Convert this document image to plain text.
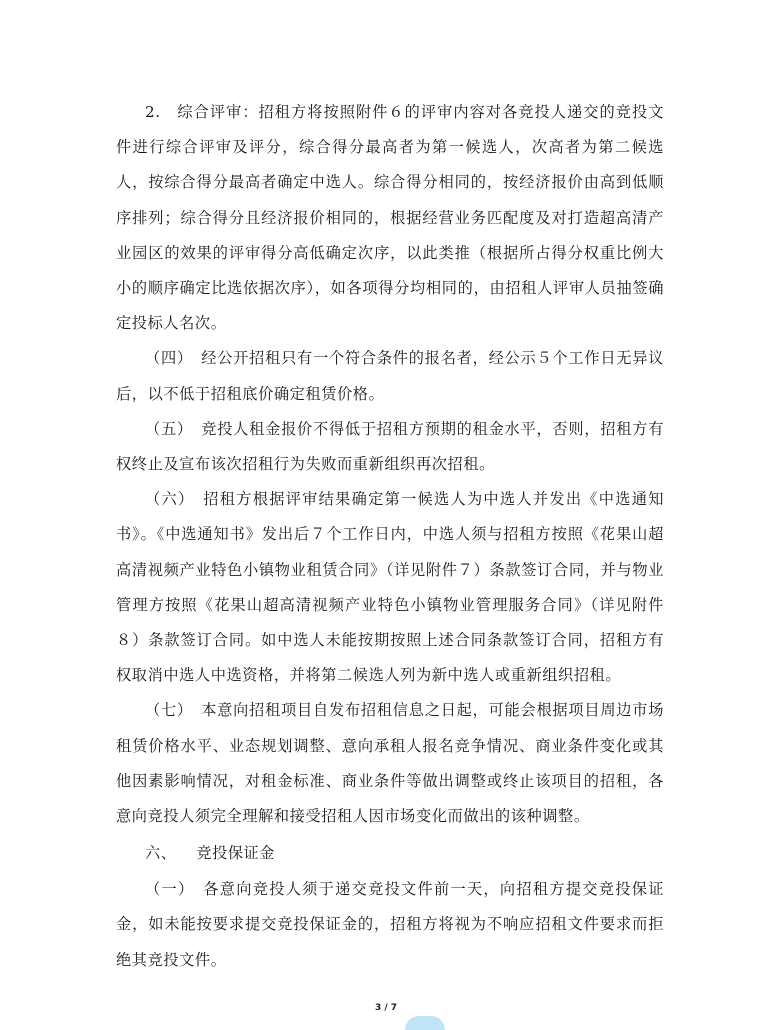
2.　综合评审：招租方将按照附件６的评审内容对各竞投人递交的竞投文件进行综合评审及评分，综合得分最高者为第一候选人，次高者为第二候选人，按综合得分最高者确定中选人。综合得分相同的，按经济报价由高到低顺序排列；综合得分且经济报价相同的，根据经营业务匹配度及对打造超高清产业园区的效果的评审得分高低确定次序，以此类推（根据所占得分权重比例大小的顺序确定比选依据次序），如各项得分均相同的，由招租人评审人员抽签确定投标人名次。

（四）　经公开招租只有一个符合条件的报名者，经公示５个工作日无异议后，以不低于招租底价确定租赁价格。

（五）　竞投人租金报价不得低于招租方预期的租金水平，否则，招租方有权终止及宣布该次招租行为失败而重新组织再次招租。

（六）　招租方根据评审结果确定第一候选人为中选人并发出《中选通知书》。《中选通知书》发出后７个工作日内，中选人须与招租方按照《花果山超高清视频产业特色小镇物业租赁合同》（详见附件７）条款签订合同，并与物业管理方按照《花果山超高清视频产业特色小镇物业管理服务合同》（详见附件８）条款签订合同。如中选人未能按期按照上述合同条款签订合同，招租方有权取消中选人中选资格，并将第二候选人列为新中选人或重新组织招租。

（七）　本意向招租项目自发布招租信息之日起，可能会根据项目周边市场租赁价格水平、业态规划调整、意向承租人报名竞争情况、商业条件变化或其他因素影响情况，对租金标准、商业条件等做出调整或终止该项目的招租，各意向竞投人须完全理解和接受招租人因市场变化而做出的该种调整。

六、 竞投保证金

（一）　各意向竞投人须于递交竞投文件前一天，向招租方提交竞投保证金，如未能按要求提交竞投保证金的，招租方将视为不响应招租文件要求而拒绝其竞投文件。

3 / 7
